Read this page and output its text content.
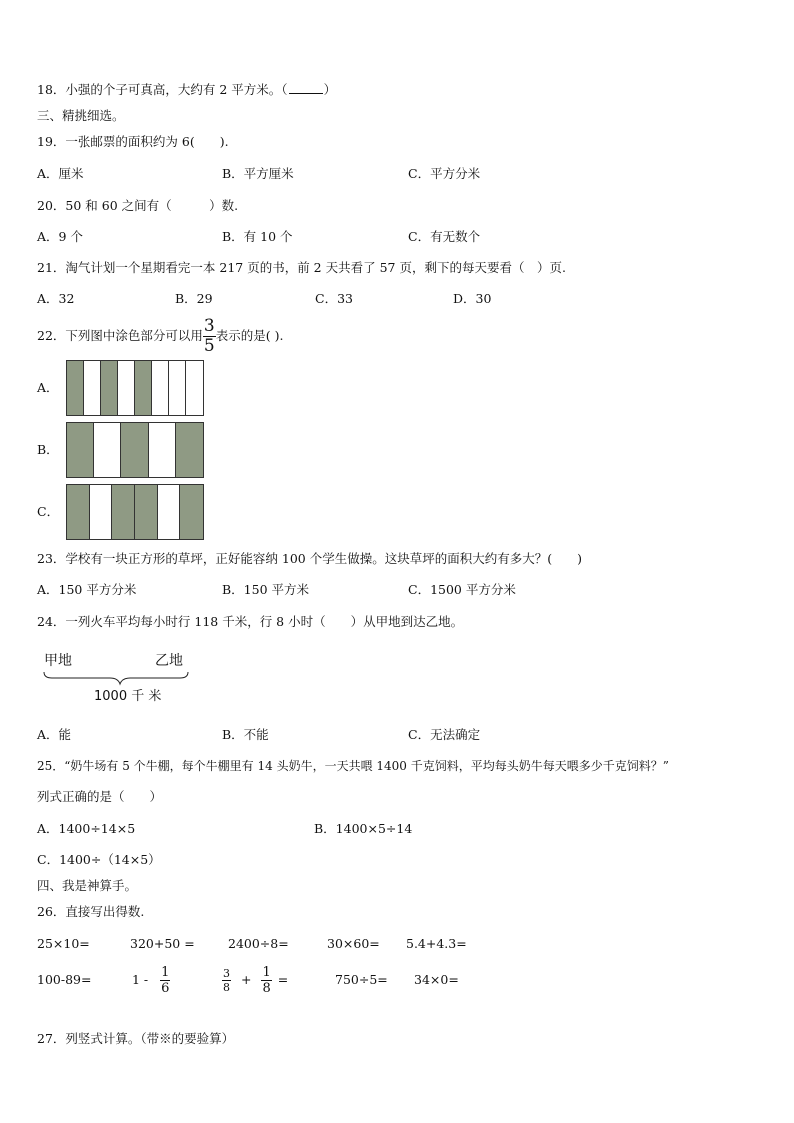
18．小强的个子可真高，大约有 2 平方米。（	）
三、精挑细选。
19．一张邮票的面积约为 6(　　).
A．厘米	B．平方厘米	C．平方分米
20．50 和 60 之间有（　　　）数.
A．9 个	B．有 10 个	C．有无数个
21．淘气计划一个星期看完一本 217 页的书，前 2 天共看了 57 页，剩下的每天要看（　）页.
A．32	B．29	C．33	D．30
22．下列图中涂色部分可以用 $\frac{3}{5}$ 表示的是( ).
A．
B．
C．
23．学校有一块正方形的草坪，正好能容纳 100 个学生做操。这块草坪的面积大约有多大？(　　)
A．150 平方分米	B．150 平方米	C．1500 平方分米
24．一列火车平均每小时行 118 千米，行 8 小时（　　）从甲地到达乙地。
甲地	乙地
1000 千 米
A．能	B．不能	C．无法确定
25．“奶牛场有 5 个牛棚，每个牛棚里有 14 头奶牛，一天共喂 1400 千克饲料，平均每头奶牛每天喂多少千克饲料？”
列式正确的是（　　）
A．1400÷14×5	B．1400×5÷14
C．1400÷（14×5）
四、我是神算手。
26．直接写出得数.
25×10=	320+50 =	2400÷8=	30×60= 5.4+4.3=
100-89=	$1 - \frac{1}{6}$	$\frac{3}{8} + \frac{1}{8}$ =	750÷5= 34×0=
27．列竖式计算。（带※的要验算）
